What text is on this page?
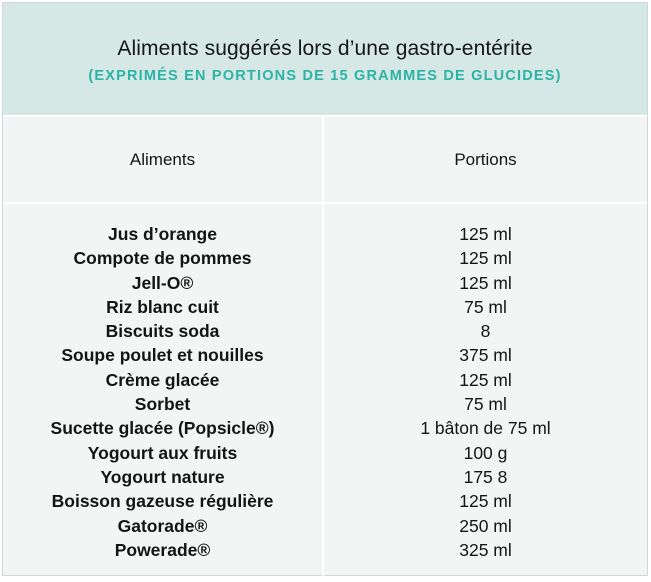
Aliments suggérés lors d’une gastro-entérite
(EXPRIMÉS EN PORTIONS DE 15 GRAMMES DE GLUCIDES)
Aliments
Jus d’orange
Compote de pommes
Jell-O®
Riz blanc cuit
Biscuits soda
Soupe poulet et nouilles
Crème glacée
Sorbet
Sucette glacée (Popsicle®)
Yogourt aux fruits
Yogourt nature
Boisson gazeuse régulière
Gatorade®
Powerade®
Portions
125 ml
125 ml
125 ml
75 ml
8
375 ml
125 ml
75 ml
1 bâton de 75 ml
100 g
175 8
125 ml
250 ml
325 ml
